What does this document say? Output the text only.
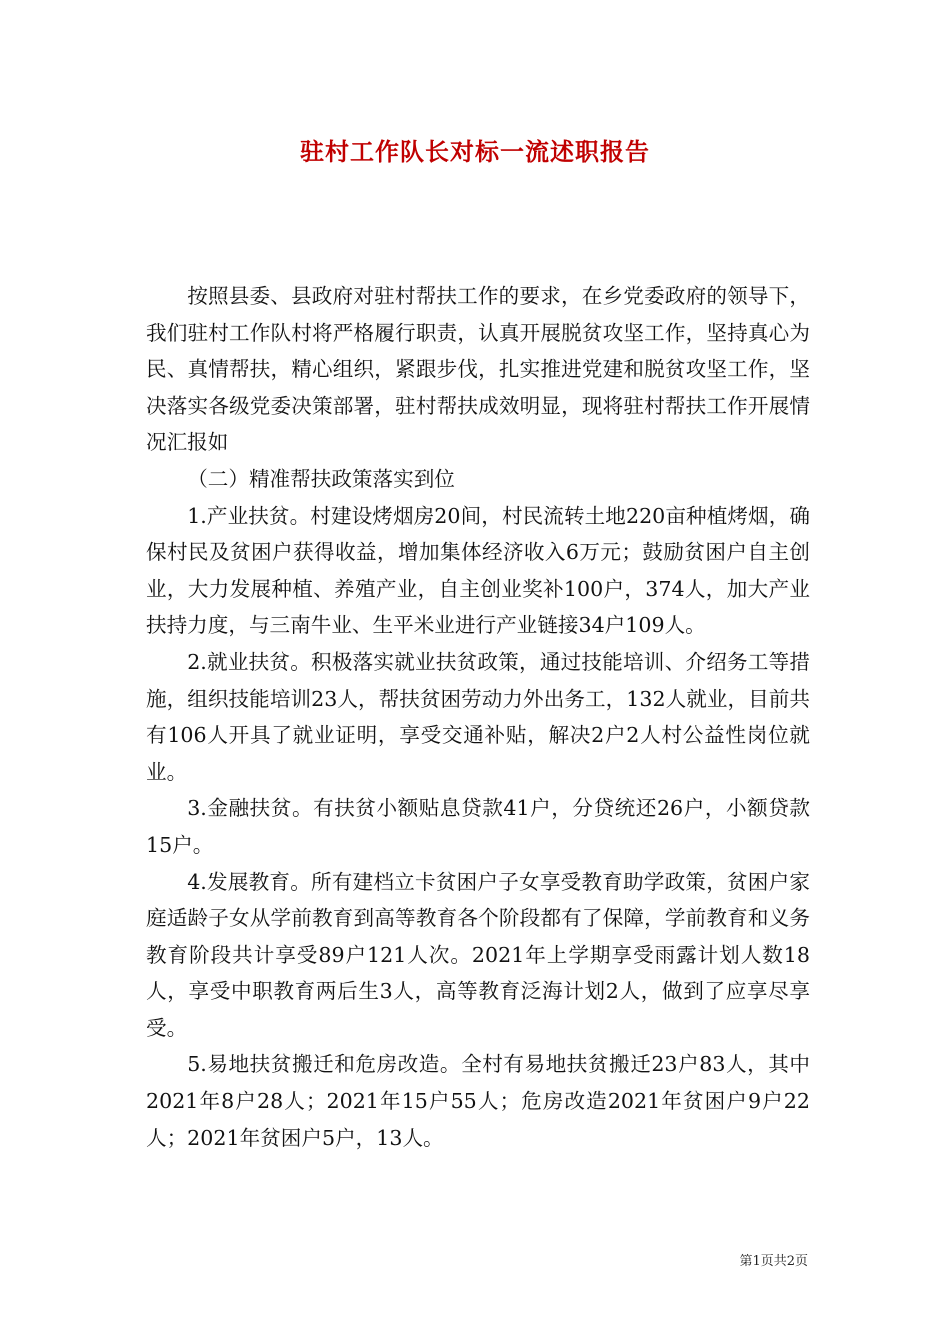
驻村工作队长对标一流述职报告

按照县委、县政府对驻村帮扶工作的要求，在乡党委政府的领导下，我们驻村工作队村将严格履行职责，认真开展脱贫攻坚工作，坚持真心为民、真情帮扶，精心组织，紧跟步伐，扎实推进党建和脱贫攻坚工作，坚决落实各级党委决策部署，驻村帮扶成效明显，现将驻村帮扶工作开展情况汇报如

（二）精准帮扶政策落实到位

1.产业扶贫。村建设烤烟房20间，村民流转土地220亩种植烤烟，确保村民及贫困户获得收益，增加集体经济收入6万元；鼓励贫困户自主创业，大力发展种植、养殖产业，自主创业奖补100户，374人，加大产业扶持力度，与三南牛业、生平米业进行产业链接34户109人。

2.就业扶贫。积极落实就业扶贫政策，通过技能培训、介绍务工等措施，组织技能培训23人，帮扶贫困劳动力外出务工，132人就业，目前共有106人开具了就业证明，享受交通补贴，解决2户2人村公益性岗位就业。

3.金融扶贫。有扶贫小额贴息贷款41户，分贷统还26户，小额贷款15户。

4.发展教育。所有建档立卡贫困户子女享受教育助学政策，贫困户家庭适龄子女从学前教育到高等教育各个阶段都有了保障，学前教育和义务教育阶段共计享受89户121人次。2021年上学期享受雨露计划人数18人，享受中职教育两后生3人，高等教育泛海计划2人，做到了应享尽享受。

5.易地扶贫搬迁和危房改造。全村有易地扶贫搬迁23户83人，其中2021年8户28人；2021年15户55人；危房改造2021年贫困户9户22人；2021年贫困户5户，13人。

第1页共2页
